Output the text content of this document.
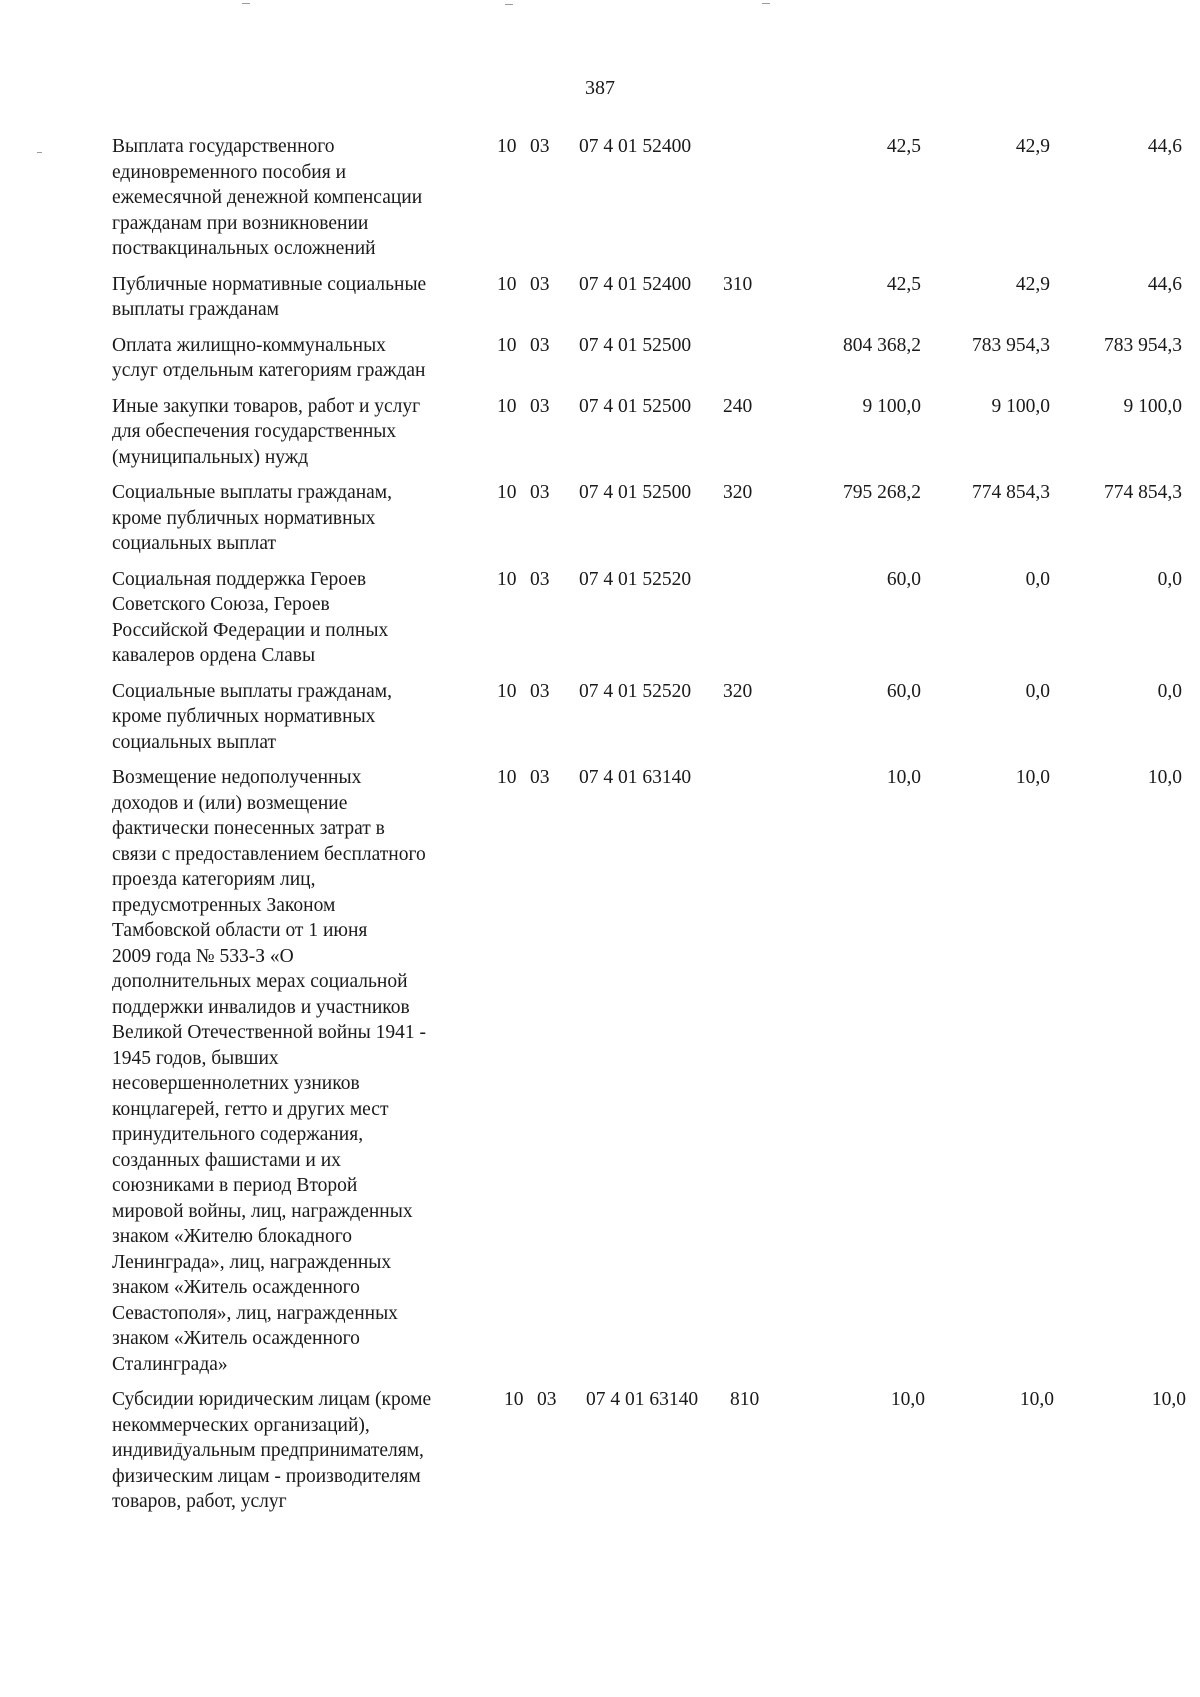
387
Выплата государственного
единовременного пособия и
ежемесячной денежной компенсации
гражданам при возникновении
поствакцинальных осложнений
10 03 07 4 01 52400	42,5	42,9	44,6
Публичные нормативные социальные
выплаты гражданам
10 03 07 4 01 52400 310	42,5	42,9	44,6
Оплата жилищно-коммунальных
услуг отдельным категориям граждан
10 03 07 4 01 52500	804 368,2	783 954,3	783 954,3
Иные закупки товаров, работ и услуг
для обеспечения государственных
(муниципальных) нужд
10 03 07 4 01 52500 240	9 100,0	9 100,0	9 100,0
Социальные выплаты гражданам,
кроме публичных нормативных
социальных выплат
10 03 07 4 01 52500 320	795 268,2	774 854,3	774 854,3
Социальная поддержка Героев
Советского Союза, Героев
Российской Федерации и полных
кавалеров ордена Славы
10 03 07 4 01 52520	60,0	0,0	0,0
Социальные выплаты гражданам,
кроме публичных нормативных
социальных выплат
10 03 07 4 01 52520 320	60,0	0,0	0,0
Возмещение недополученных
доходов и (или) возмещение
фактически понесенных затрат в
связи с предоставлением бесплатного
проезда категориям лиц,
предусмотренных Законом
Тамбовской области от 1 июня
2009 года № 533-З «О
дополнительных мерах социальной
поддержки инвалидов и участников
Великой Отечественной войны 1941 -
1945 годов, бывших
несовершеннолетних узников
концлагерей, гетто и других мест
принудительного содержания,
созданных фашистами и их
союзниками в период Второй
мировой войны, лиц, награжденных
знаком «Жителю блокадного
Ленинграда», лиц, награжденных
знаком «Житель осажденного
Севастополя», лиц, награжденных
знаком «Житель осажденного
Сталинграда»
10 03 07 4 01 63140	10,0	10,0	10,0
Субсидии юридическим лицам (кроме
некоммерческих организаций),
индивидуальным предпринимателям,
физическим лицам - производителям
товаров, работ, услуг
10 03 07 4 01 63140 810	10,0	10,0	10,0
